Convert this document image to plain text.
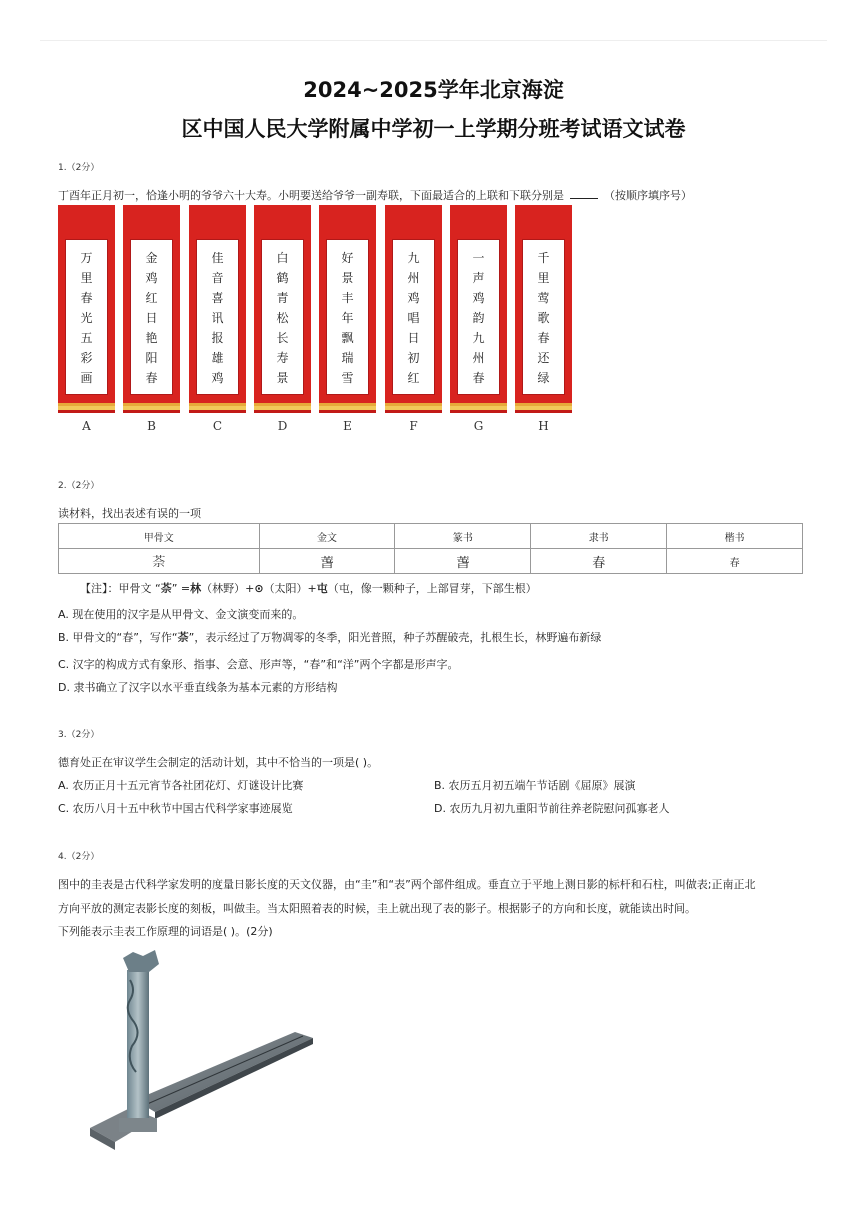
2024~2025学年北京海淀
区中国人民大学附属中学初一上学期分班考试语文试卷
1.（2分）
丁酉年正月初一，恰逢小明的爷爷六十大寿。小明要送给爷爷一副寿联，下面最适合的上联和下联分别是	（按顺序填序号）
万
里
春
光
五
彩
画
A
金
鸡
红
日
艳
阳
春
B
佳
音
喜
讯
报
雄
鸡
C
白
鹤
青
松
长
寿
景
D
好
景
丰
年
飘
瑞
雪
E
九
州
鸡
唱
日
初
红
F
一
声
鸡
韵
九
州
春
G
千
里
莺
歌
春
还
绿
H
2.（2分）
读材料，找出表述有误的一项
甲骨文	金文	篆书	隶书	楷书
𦯬	萅	萅	春	春
【注】：甲骨文 “𦯬” =林（林野）+⊙（太阳）+屯（屯，像一颗种子，上部冒芽，下部生根）
A. 现在使用的汉字是从甲骨文、金文演变而来的。
B. 甲骨文的“春”，写作“𦯬”，表示经过了万物凋零的冬季，阳光普照，种子苏醒破壳，扎根生长，林野遍布新绿
C. 汉字的构成方式有象形、指事、会意、形声等，“春”和“洋”两个字都是形声字。
D. 隶书确立了汉字以水平垂直线条为基本元素的方形结构
3.（2分）
德育处正在审议学生会制定的活动计划，其中不恰当的一项是( )。
A. 农历正月十五元宵节各社团花灯、灯谜设计比赛	B. 农历五月初五端午节话剧《屈原》展演
C. 农历八月十五中秋节中国古代科学家事迹展览	D. 农历九月初九重阳节前往养老院慰问孤寡老人
4.（2分）
图中的圭表是古代科学家发明的度量日影长度的天文仪器，由“圭”和“表”两个部件组成。垂直立于平地上测日影的标杆和石柱，叫做表;正南正北
方向平放的测定表影长度的刻板，叫做圭。当太阳照着表的时候，圭上就出现了表的影子。根据影子的方向和长度，就能读出时间。
下列能表示圭表工作原理的词语是( )。(2分)
